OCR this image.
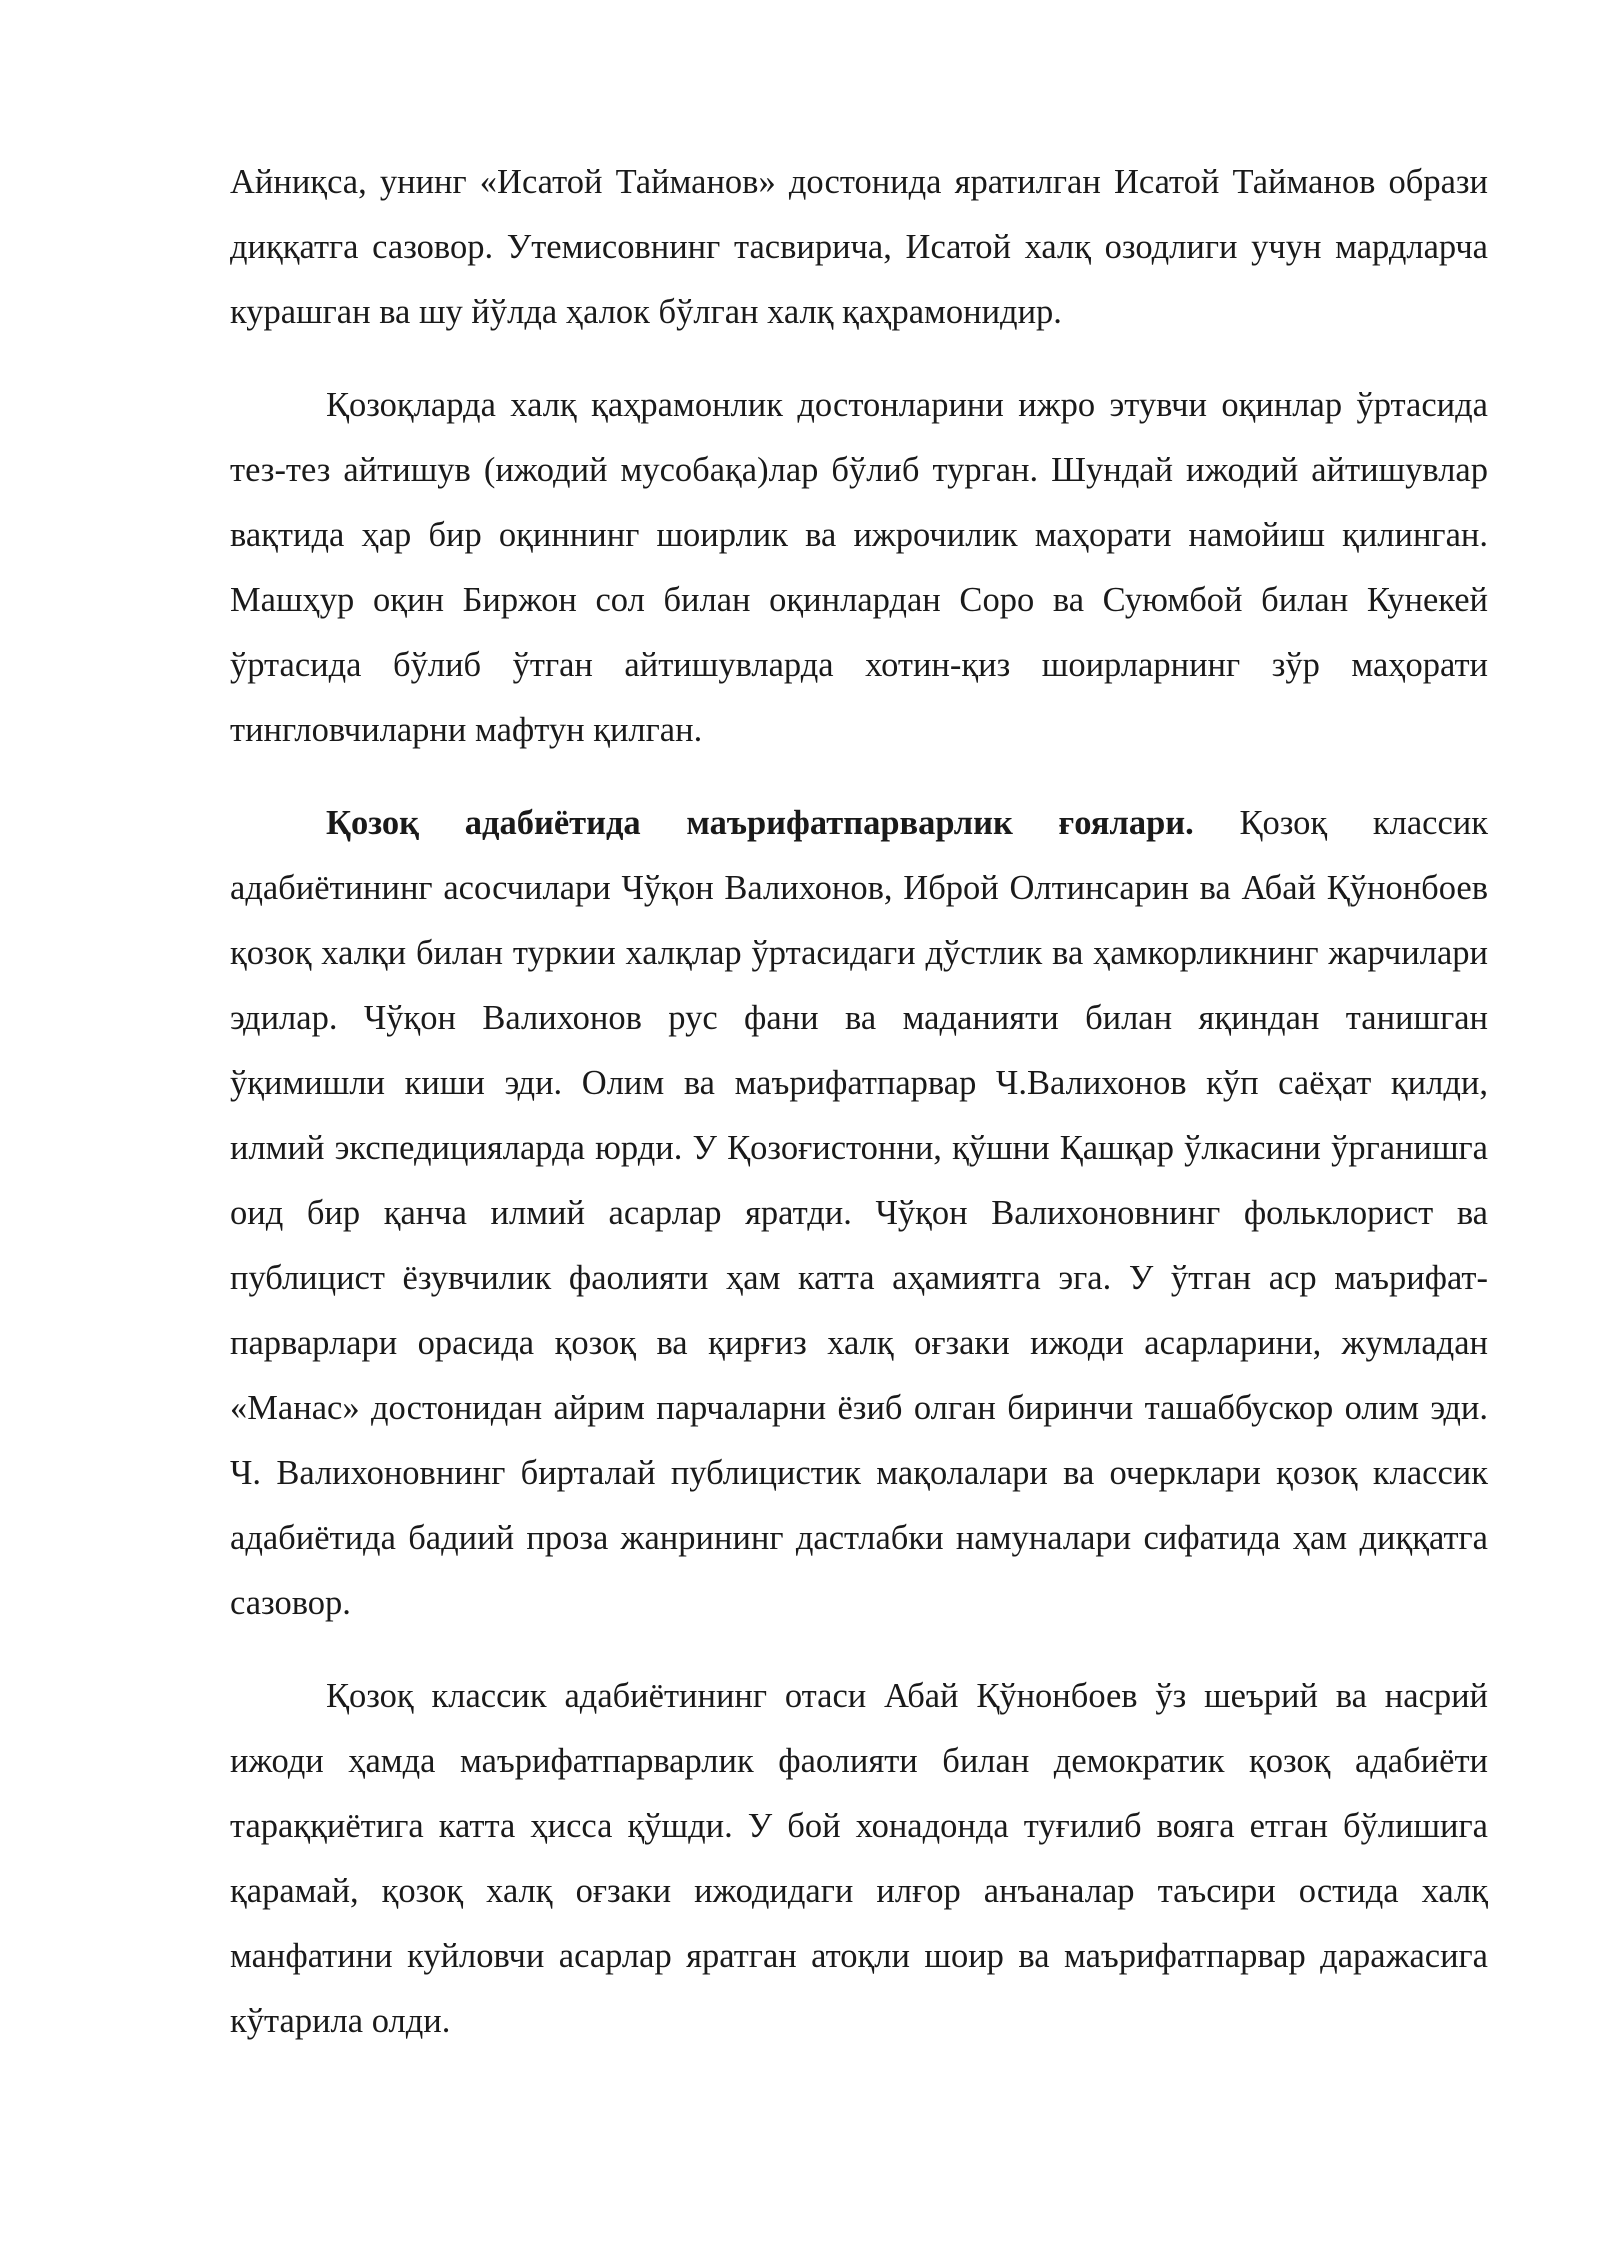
Айниқса, унинг «Исатой Тайманов» достонида яратилган Исатой Тайманов образи диққатга сазовор. Утемисовнинг тасвирича, Исатой халқ озодлиги учун мардларча курашган ва шу йўлда ҳалок бўлган халқ қаҳрамонидир.

Қозоқларда халқ қаҳрамонлик достонларини ижро этувчи оқинлар ўртасида тез-тез айтишув (ижодий мусобақа)лар бўлиб турган. Шундай ижодий айтишувлар вақтида ҳар бир оқиннинг шоирлик ва ижрочилик маҳорати намойиш қилинган. Машҳур оқин Биржон сол билан оқинлардан Соро ва Суюмбой билан Кунекей ўртасида бўлиб ўтган айтишувларда хотин-қиз шоирларнинг зўр маҳорати тингловчиларни мафтун қилган.

Қозоқ адабиётида маърифатпарварлик ғоялари. Қозоқ классик адабиётининг асосчилари Чўқон Валихонов, Иброй Олтинсарин ва Абай Қўнонбоев қозоқ халқи билан туркии халқлар ўртасидаги дўстлик ва ҳамкорликнинг жарчилари эдилар. Чўқон Валихонов рус фани ва маданияти билан яқиндан танишган ўқимишли киши эди. Олим ва маърифатпарвар Ч.Валихонов кўп саёҳат қилди, илмий экспедицияларда юрди. У Қозоғистонни, қўшни Қашқар ўлкасини ўрганишга оид бир қанча илмий асарлар яратди. Чўқон Валихоновнинг фольклорист ва публицист ёзувчилик фаолияти ҳам катта аҳамиятга эга. У ўтган аср маърифат-парварлари орасида қозоқ ва қирғиз халқ оғзаки ижоди асарларини, жумладан «Манас» достонидан айрим парчаларни ёзиб олган биринчи ташаббускор олим эди. Ч. Валихоновнинг бирталай публицистик мақолалари ва очерклари қозоқ классик адабиётида бадиий проза жанрининг дастлабки намуналари сифатида ҳам диққатга сазовор.

Қозоқ классик адабиётининг отаси Абай Қўнонбоев ўз шеърий ва насрий ижоди ҳамда маърифатпарварлик фаолияти билан демократик қозоқ адабиёти тараққиётига катта ҳисса қўшди. У бой хонадонда туғилиб вояга етган бўлишига қарамай, қозоқ халқ оғзаки ижодидаги илғор анъаналар таъсири остида халқ манфатини куйловчи асарлар яратган атоқли шоир ва маърифатпарвар даражасига кўтарила олди.
